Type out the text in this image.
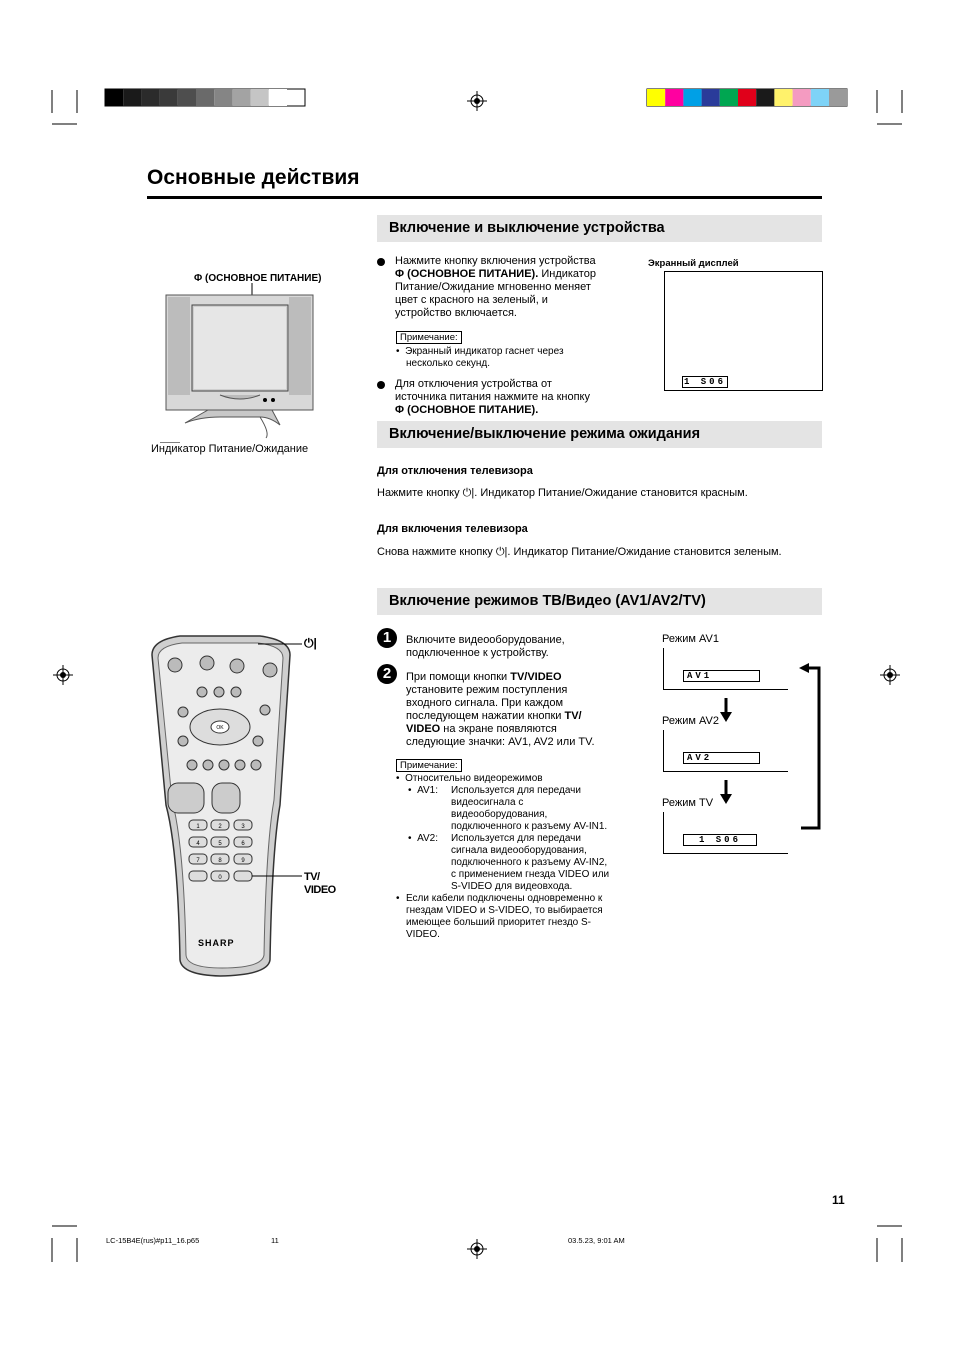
Основные действия
Включение и выключение устройства
Φ (ОСНОВНОЕ ПИТАНИЕ)
Индикатор Питание/Ожидание
Нажмите кнопку включения устройства
Φ (ОСНОВНОЕ ПИТАНИЕ). Индикатор
Питание/Ожидание мгновенно меняет
цвет с красного на зеленый, и
устройство включается.
Примечание:
•  Экранный индикатор гаснет через
несколько секунд.
Для отключения устройства от
источника питания нажмите на кнопку
Φ (ОСНОВНОЕ ПИТАНИЕ).
Экранный дисплей
1 S06
Включение/выключение режима ожидания
Для отключения телевизора
Нажмите кнопку ⏻|. Индикатор Питание/Ожидание становится красным.
Для включения телевизора
Снова нажмите кнопку ⏻|. Индикатор Питание/Ожидание становится зеленым.
Включение режимов ТВ/Видео (AV1/AV2/TV)
OK
1	2	3
4	5	6
7	8	9
0
⏻|
TV/
VIDEO
SHARP
1	Включите видеооборудование,
подключенное к устройству.
2	При помощи кнопки TV/VIDEO
установите режим поступления
входного сигнала. При каждом
последующем нажатии кнопки TV/
VIDEO на экране появляются
следующие значки: AV1, AV2 или TV.
Примечание:
•  Относительно видеорежимов
•  AV1: Используется для передачи
видеосигнала с
видеооборудования,
подключенного к разъему AV-IN1.
•  AV2: Используется для передачи
сигнала видеооборудования,
подключенного к разъему AV-IN2,
с применением гнезда VIDEO или
S-VIDEO для видеовхода.
• Если кабели подключены одновременно к
гнездам VIDEO и S-VIDEO, то выбирается
имеющее больший приоритет гнездо S-
VIDEO.
Режим AV1
AV1
Режим AV2
AV2
Режим TV
1 S06
11
LC-15B4E(rus)#p11_16.p65	11	03.5.23, 9:01 AM
